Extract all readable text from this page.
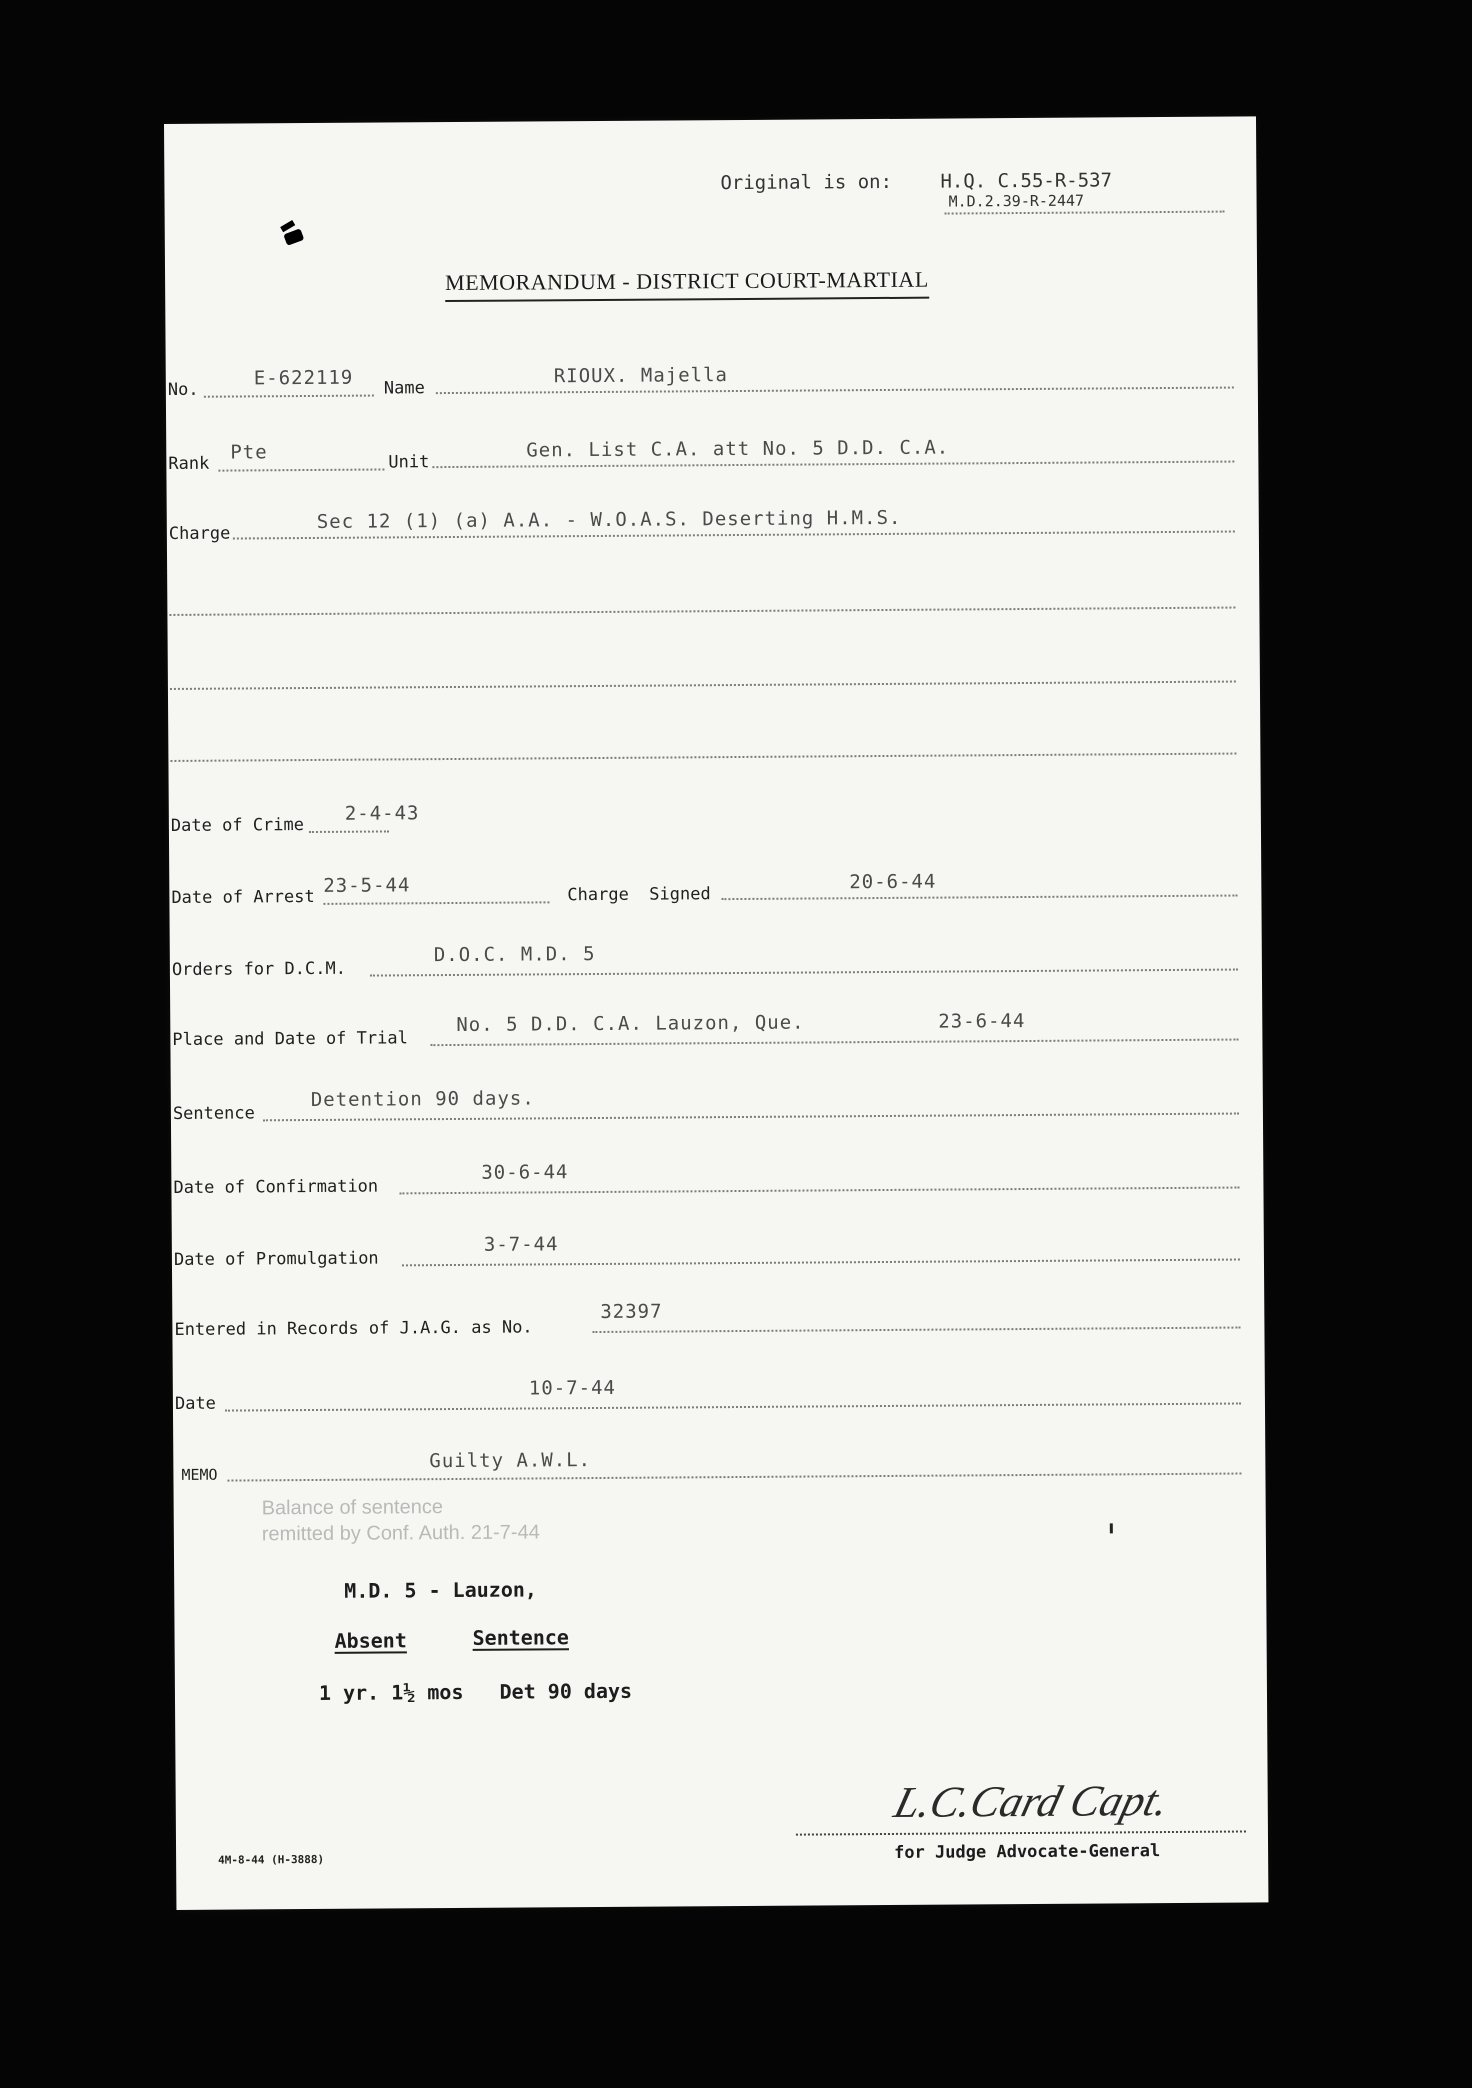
Original is on:	H.Q. C.55-R-537
M.D.2.39-R-2447
MEMORANDUM - DISTRICT COURT-MARTIAL
No.
E-622119 Name
RIOUX. Majella
Rank
Pte	Unit
Gen. List C.A. att No. 5 D.D. C.A.
Charge
Sec 12 (1) (a) A.A. - W.O.A.S. Deserting H.M.S.
Date of Crime
2-4-43
Date of Arrest
23-5-44	Charge  Signed
20-6-44
Orders for D.C.M.
D.O.C. M.D. 5
Place and Date of Trial
No. 5 D.D. C.A. Lauzon, Que.	23-6-44
Sentence
Detention 90 days.
Date of Confirmation
30-6-44
Date of Promulgation
3-7-44
Entered in Records of J.A.G. as No.
32397
Date
10-7-44
MEMO
Guilty A.W.L.
Balance of sentence
remitted by Conf. Auth. 21-7-44
M.D. 5 - Lauzon,
Absent	Sentence
1 yr. 1½ mos   Det 90 days
L.C.Card Capt.
for Judge Advocate-General
4M-8-44 (H-3888)
